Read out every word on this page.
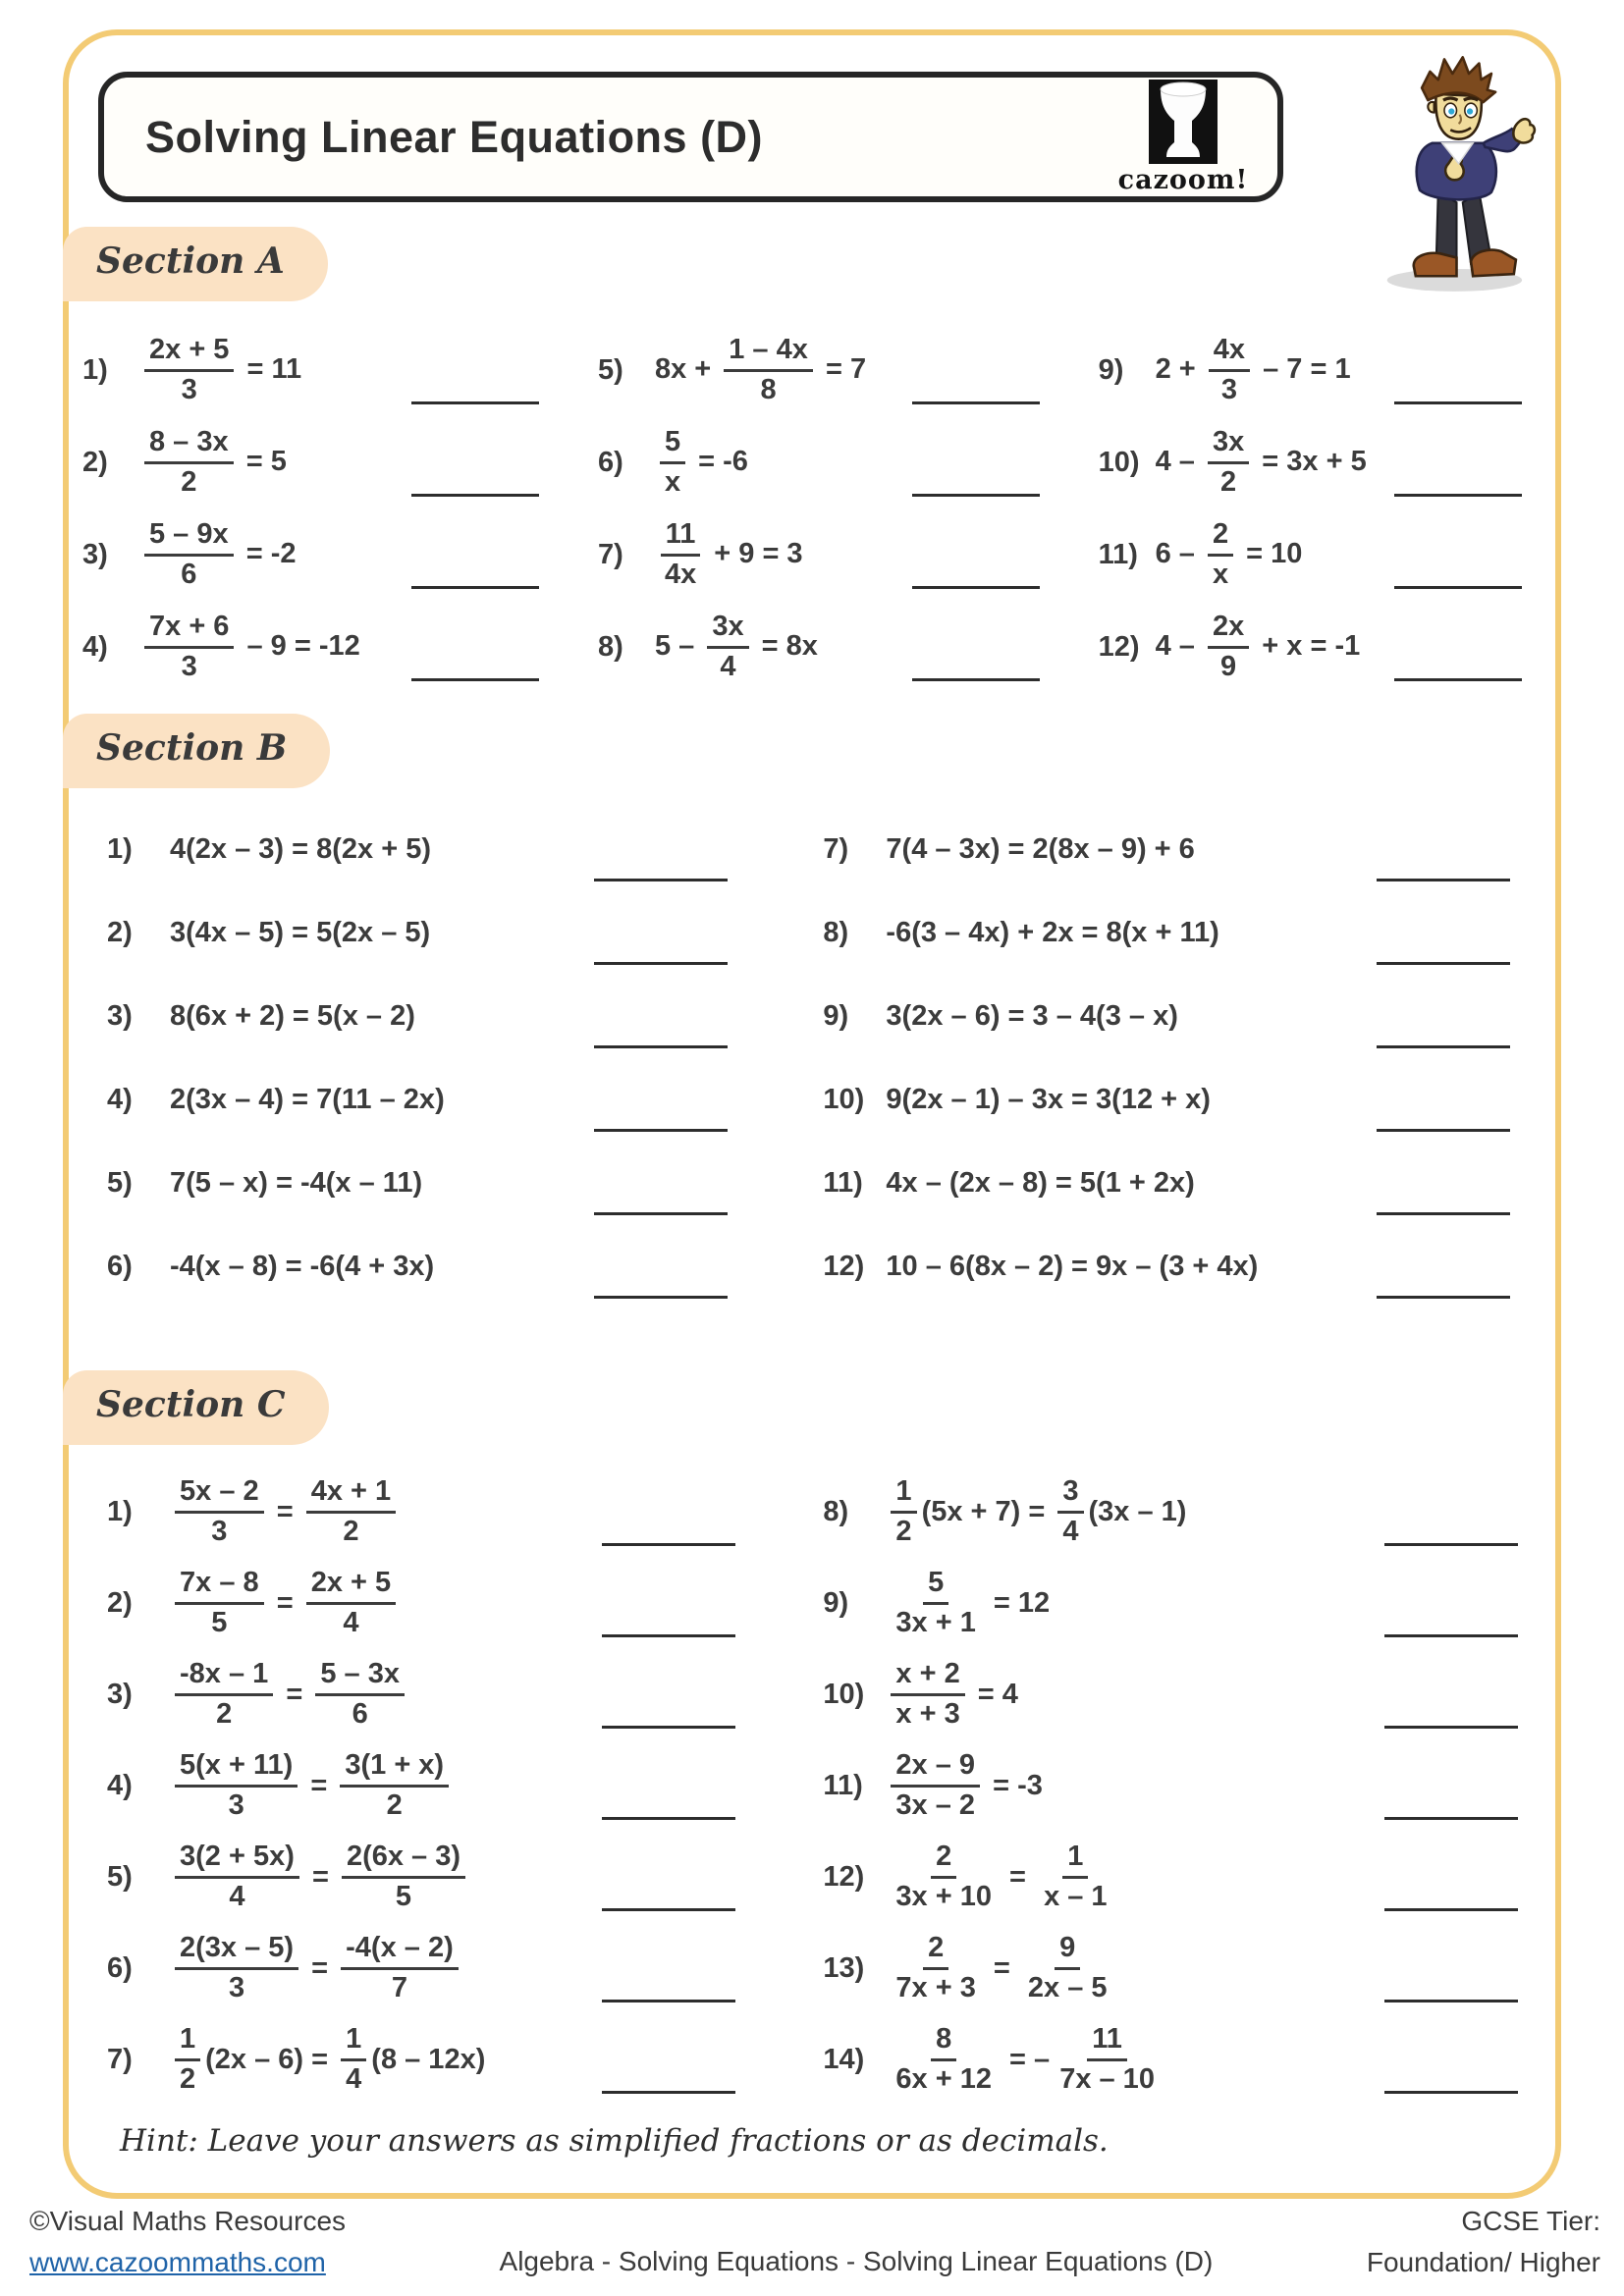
Solving Linear Equations (D)
cazoom!
Section A
1)	$\frac{2x + 5}{3} = 11$
2)	$\frac{8 - 3x}{2} = 5$
3)	$\frac{5 - 9x}{6} = -2$
4)	$\frac{7x + 6}{3} - 9 = -12$
5)	$8x + \frac{1 - 4x}{8} = 7$
6)	$\frac{5}{x} = -6$
7)	$\frac{11}{4x} + 9 = 3$
8)	$5 - \frac{3x}{4} = 8x$
9)	$2 + \frac{4x}{3} - 7 = 1$
10) $4 - \frac{3x}{2} = 3x + 5$
11) $6 - \frac{2}{x} = 10$
12) $4 - \frac{2x}{9} + x = -1$
Section B
1)	4(2x – 3) = 8(2x + 5)
2)	3(4x – 5) = 5(2x – 5)
3)	8(6x + 2) = 5(x – 2)
4)	2(3x – 4) = 7(11 – 2x)
5)	7(5 – x) = -4(x – 11)
6)	-4(x – 8) = -6(4 + 3x)
7)	7(4 – 3x) = 2(8x – 9) + 6
8)	-6(3 – 4x) + 2x = 8(x + 11)
9)	3(2x – 6) = 3 – 4(3 – x)
10) 9(2x – 1) – 3x = 3(12 + x)
11) 4x – (2x – 8) = 5(1 + 2x)
12) 10 – 6(8x – 2) = 9x – (3 + 4x)
Section C
1)	$\frac{5x - 2}{3} = \frac{4x + 1}{2}$
2)	$\frac{7x - 8}{5} = \frac{2x + 5}{4}$
3)	$\frac{-8x - 1}{2} = \frac{5 - 3x}{6}$
4)	$\frac{5(x + 11)}{3} = \frac{3(1 + x)}{2}$
5)	$\frac{3(2 + 5x)}{4} = \frac{2(6x - 3)}{5}$
6)	$\frac{2(3x - 5)}{3} = \frac{-4(x - 2)}{7}$
7)	$\frac{1}{2} (2x - 6) = \frac{1}{4} (8 - 12x)$
8)	$\frac{1}{2} (5x + 7) = \frac{3}{4} (3x - 1)$
9)	$\frac{5}{3x + 1} = 12$
$10) \frac{x + 2}{x + 3} = 4$
$11) \frac{2x - 9}{3x - 2} = -3$
$12) \frac{2}{3x + 10} = \frac{1}{x - 1}$
$13) \frac{2}{7x + 3} = \frac{9}{2x - 5}$
$14) \frac{8}{6x + 12}$ = – $\frac{11}{7x - 10}$
Hint: Leave your answers as simplified fractions or as decimals.
©Visual Maths Resources
www.cazoommaths.com	Algebra - Solving Equations - Solving Linear Equations (D)
GCSE Tier:
Foundation/ Higher
